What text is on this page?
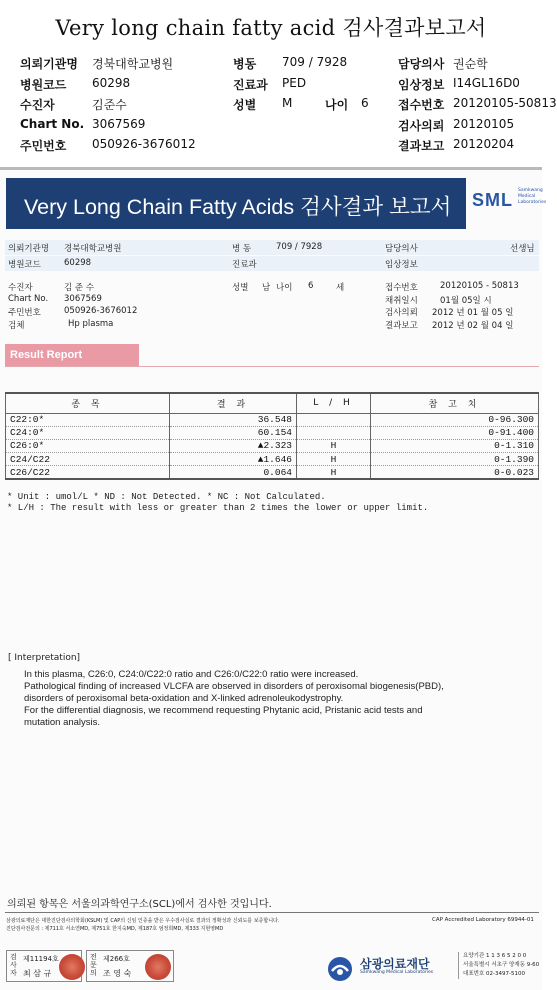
Very long chain fatty acid 검사결과보고서
의뢰기관명 경북대학교병원	병동 709 / 7928	담당의사 권순학
병원코드 60298	진료과 PED	임상정보 I14GL16D0
수진자	김준수	성별 M	나이 6 접수번호 20120105-50813
Chart No. 3067569	검사의뢰 20120105
주민번호 050926-3676012	결과보고 20120204
Very Long Chain Fatty Acids 검사결과 보고서	SML Samkwang Medical Laboratories
의뢰기관명 경북대학교병원	병 동	709 / 7928	담당의사	선생님
병원코드	60298	진료과	임상정보
수진자	김 준 수	성별 남 나이 6	세	접수번호	20120105 - 50813
Chart No. 3067569	채취일시	01월 05일 시
주민번호	050926-3676012	검사의뢰 2012 년 01 월 05 일
검체	Hp plasma	결과보고 2012 년 02 월 04 일
Result Report
종 목	결 과	L / H	참 고 치
C22:0*	36.548		0-96.300
C24:0*	60.154		0-91.400
C26:0*	▲2.323	H	0-1.310
C24/C22	▲1.646	H	0-1.390
C26/C22	0.064	H	0-0.023
* Unit : umol/L * ND : Not Detected. * NC : Not Calculated.
* L/H : The result with less or greater than 2 times the lower or upper limit.
[ Interpretation]
In this plasma, C26:0, C24:0/C22:0 ratio and C26:0/C22:0 ratio were increased.
Pathological finding of increased VLCFA are observed in disorders of peroxisomal biogenesis(PBD),
disorders of peroxisomal beta-oxidation and X-linked adrenoleukodystrophy.
For the differential diagnosis, we recommend requesting Phytanic acid, Pristanic acid tests and
mutation analysis.
의뢰된 항목은 서울의과학연구소(SCL)에서 검사한 것입니다.
삼광의료재단은 대한진단검사의학회(KSLM) 및 CAP의 신임 인증을 받은 우수검사실로 결과의 정확성과 신뢰도를 보증합니다.
진단검사전문의 : 제711호 서소연MD, 제751호 한지숙MD, 제187호 엄정희MD, 제333 지현영MD
CAP Accredited Laboratory 69944-01
검사자
제11194호
최 삼 규
전문의
제266호
조 영 숙
삼광의료재단
Samkwang Medical Laboratories
요양기관 1 1 3 6 5 2 0 0
서울특별시 서초구 양재동 9-60
대표번호 02-3497-5100
